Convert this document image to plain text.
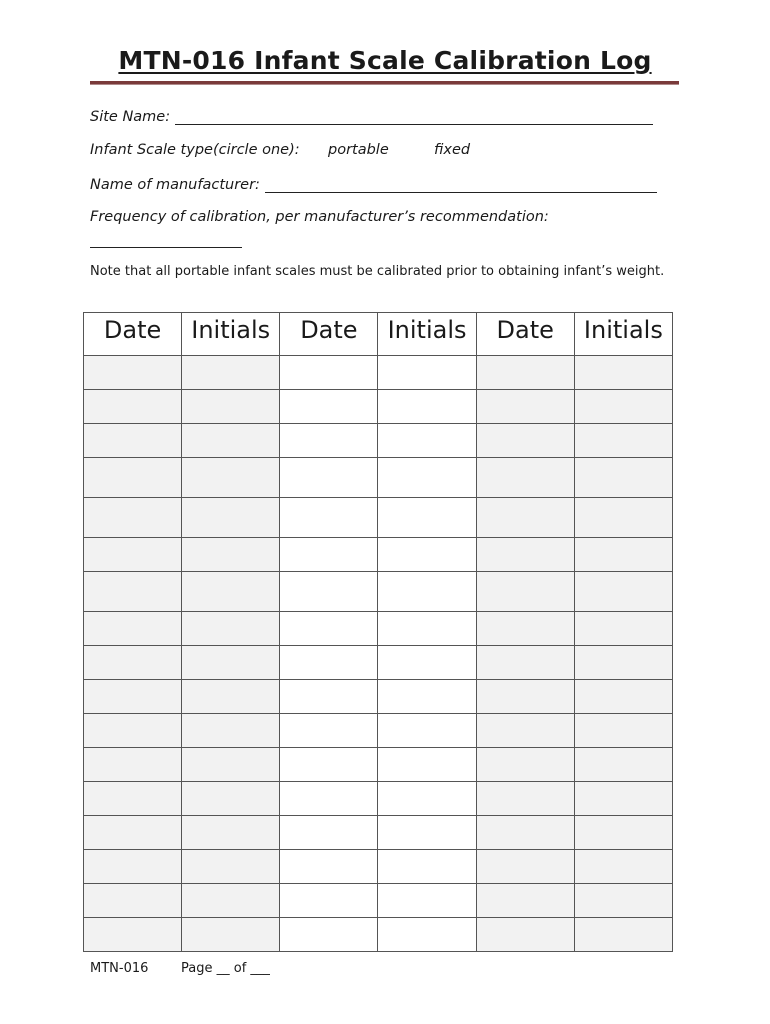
MTN-016 Infant Scale Calibration Log
Site Name:
Infant Scale type(circle one): portable	fixed
Name of manufacturer:
Frequency of calibration, per manufacturer’s recommendation:
Note that all portable infant scales must be calibrated prior to obtaining infant’s weight.
Date	Initials	Date	Initials	Date	Initials

MTN-016	Page __ of ___
